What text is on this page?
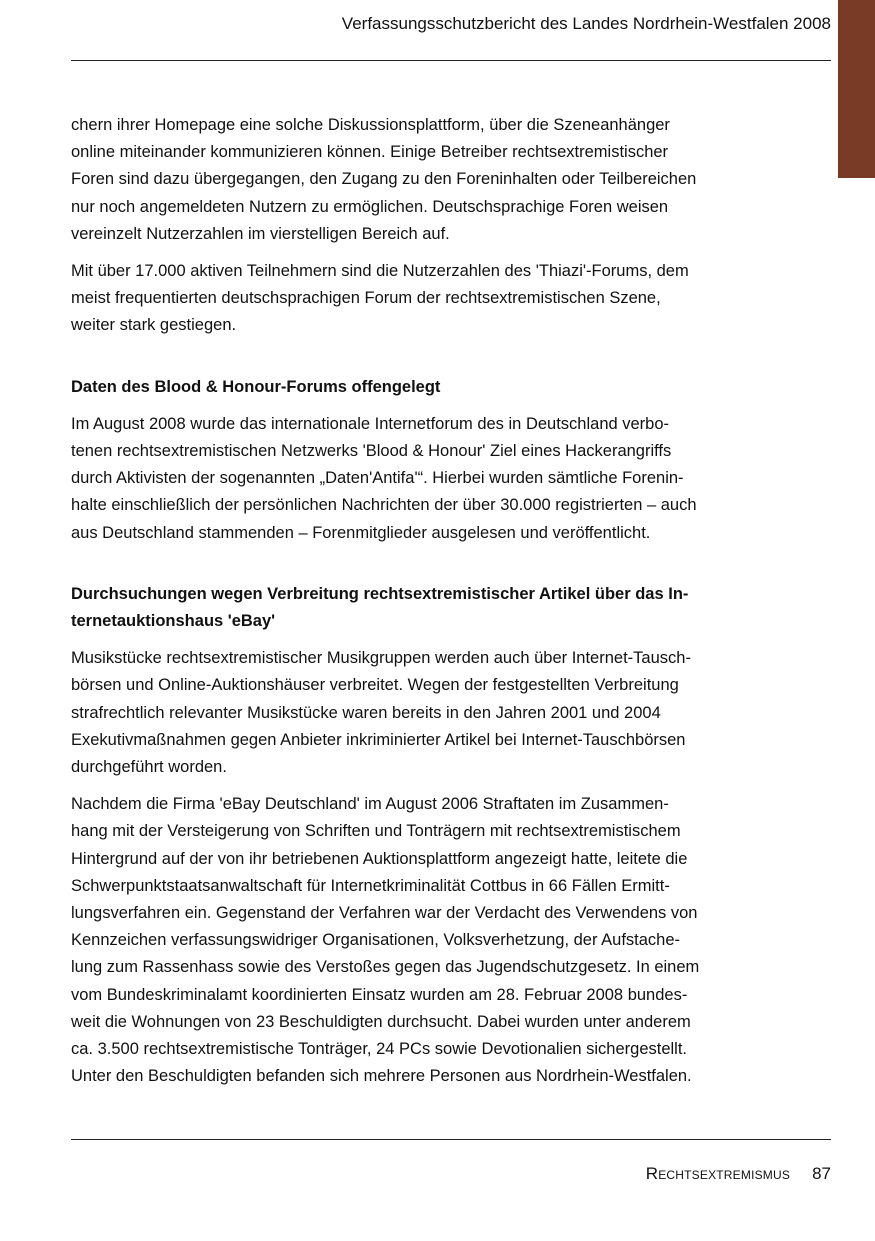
Verfassungsschutzbericht des Landes Nordrhein-Westfalen 2008

chern ihrer Homepage eine solche Diskussionsplattform, über die Szeneanhänger
online miteinander kommunizieren können. Einige Betreiber rechtsextremistischer
Foren sind dazu übergegangen, den Zugang zu den Foreninhalten oder Teilbereichen
nur noch angemeldeten Nutzern zu ermöglichen. Deutschsprachige Foren weisen
vereinzelt Nutzerzahlen im vierstelligen Bereich auf.

Mit über 17.000 aktiven Teilnehmern sind die Nutzerzahlen des 'Thiazi'-Forums, dem
meist frequentierten deutschsprachigen Forum der rechtsextremistischen Szene,
weiter stark gestiegen.

Daten des Blood & Honour-Forums offengelegt

Im August 2008 wurde das internationale Internetforum des in Deutschland verbo-
tenen rechtsextremistischen Netzwerks 'Blood & Honour' Ziel eines Hackerangriffs
durch Aktivisten der sogenannten „Daten'Antifa'“. Hierbei wurden sämtliche Forenin-
halte einschließlich der persönlichen Nachrichten der über 30.000 registrierten – auch
aus Deutschland stammenden – Forenmitglieder ausgelesen und veröffentlicht.

Durchsuchungen wegen Verbreitung rechtsextremistischer Artikel über das In-
ternetauktionshaus 'eBay'

Musikstücke rechtsextremistischer Musikgruppen werden auch über Internet-Tausch-
börsen und Online-Auktionshäuser verbreitet. Wegen der festgestellten Verbreitung
strafrechtlich relevanter Musikstücke waren bereits in den Jahren 2001 und 2004
Exekutivmaßnahmen gegen Anbieter inkriminierter Artikel bei Internet-Tauschbörsen
durchgeführt worden.

Nachdem die Firma 'eBay Deutschland' im August 2006 Straftaten im Zusammen-
hang mit der Versteigerung von Schriften und Tonträgern mit rechtsextremistischem
Hintergrund auf der von ihr betriebenen Auktionsplattform angezeigt hatte, leitete die
Schwerpunktstaatsanwaltschaft für Internetkriminalität Cottbus in 66 Fällen Ermitt-
lungsverfahren ein. Gegenstand der Verfahren war der Verdacht des Verwendens von
Kennzeichen verfassungswidriger Organisationen, Volksverhetzung, der Aufstache-
lung zum Rassenhass sowie des Verstoßes gegen das Jugendschutzgesetz. In einem
vom Bundeskriminalamt koordinierten Einsatz wurden am 28. Februar 2008 bundes-
weit die Wohnungen von 23 Beschuldigten durchsucht. Dabei wurden unter anderem
ca. 3.500 rechtsextremistische Tonträger, 24 PCs sowie Devotionalien sichergestellt.
Unter den Beschuldigten befanden sich mehrere Personen aus Nordrhein-Westfalen.

Rechtsextremismus 87
